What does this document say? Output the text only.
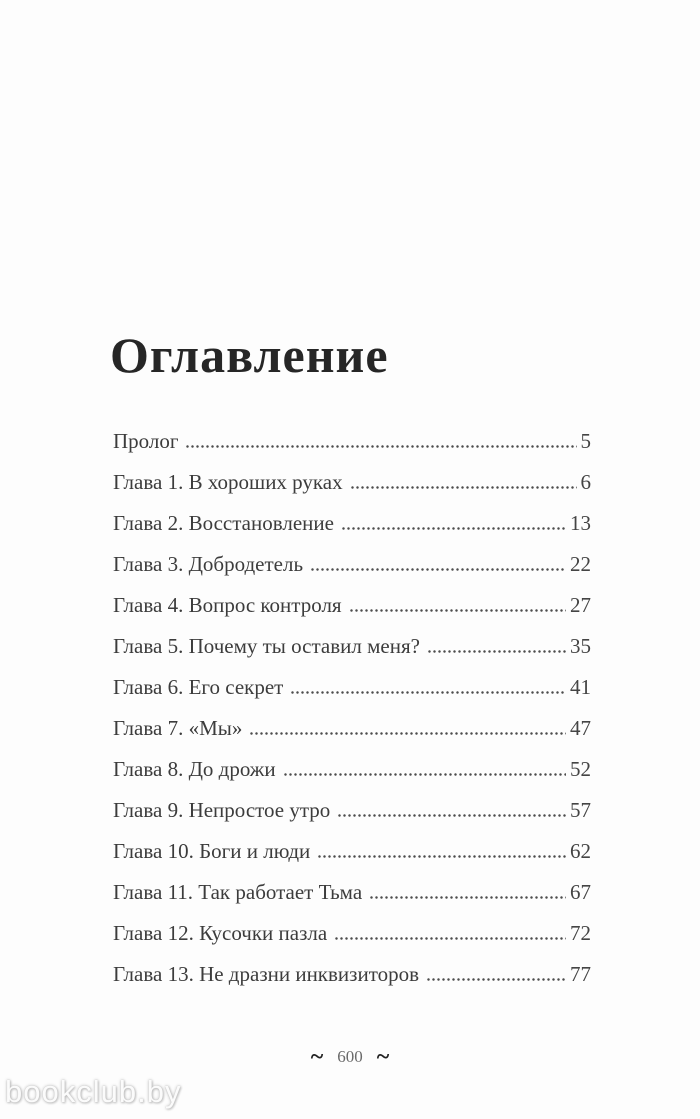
Оглавление
Пролог	5
Глава 1. В хороших руках	6
Глава 2. Восстановление	13
Глава 3. Добродетель	22
Глава 4. Вопрос контроля	27
Глава 5. Почему ты оставил меня?	35
Глава 6. Его секрет	41
Глава 7. «Мы»	47
Глава 8. До дрожи	52
Глава 9. Непростое утро	57
Глава 10. Боги и люди	62
Глава 11. Так работает Тьма	67
Глава 12. Кусочки пазла	72
Глава 13. Не дразни инквизиторов	77
~ 600 ~
bookclub.by
